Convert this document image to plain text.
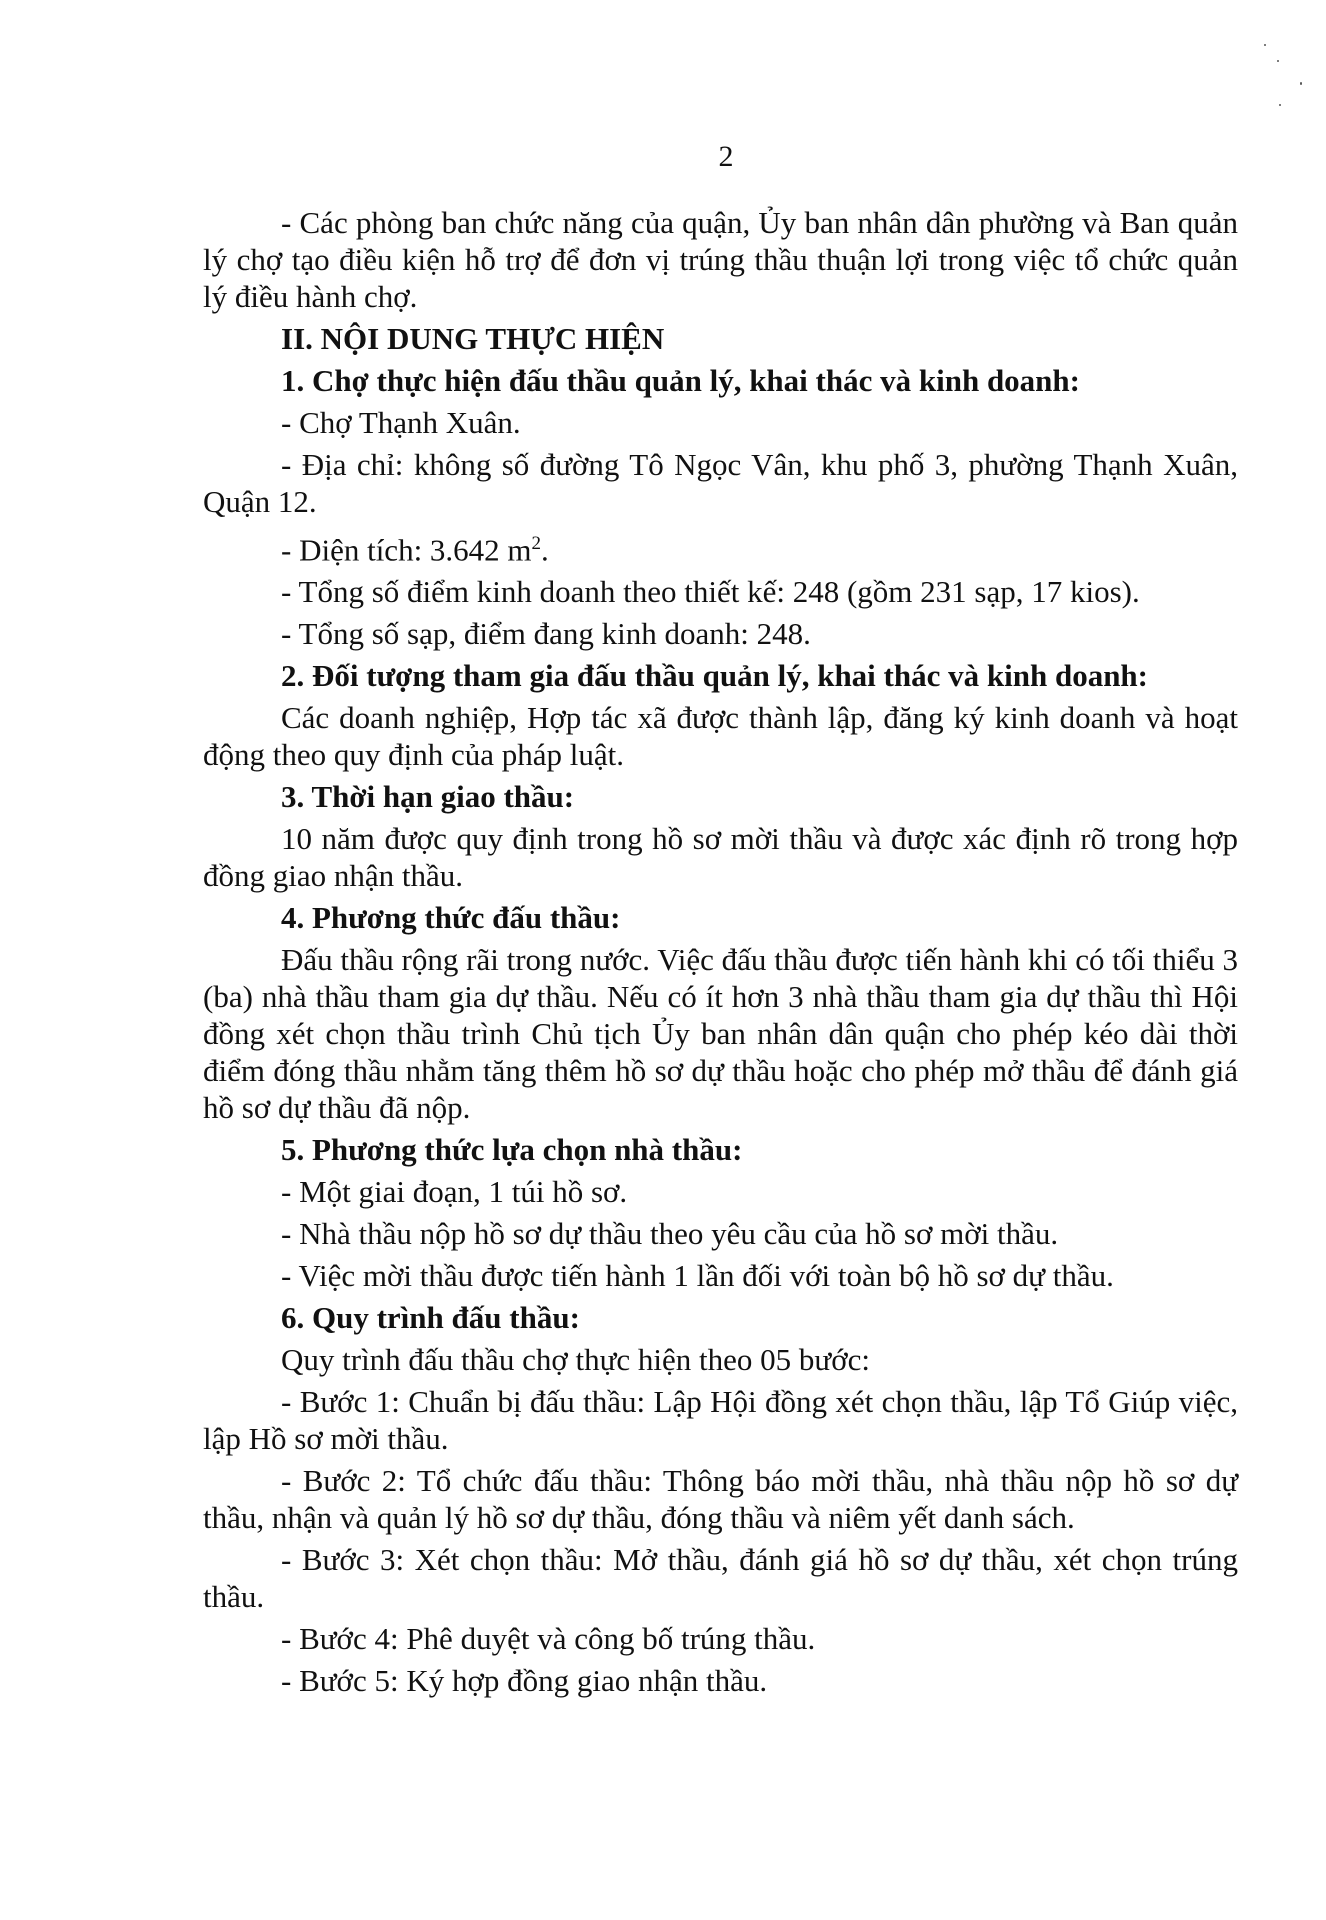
2

- Các phòng ban chức năng của quận, Ủy ban nhân dân phường và Ban quản lý chợ tạo điều kiện hỗ trợ để đơn vị trúng thầu thuận lợi trong việc tổ chức quản lý điều hành chợ.

II. NỘI DUNG THỰC HIỆN

1. Chợ thực hiện đấu thầu quản lý, khai thác và kinh doanh:

- Chợ Thạnh Xuân.

- Địa chỉ: không số đường Tô Ngọc Vân, khu phố 3, phường Thạnh Xuân, Quận 12.

- Diện tích: 3.642 $m^2$.

- Tổng số điểm kinh doanh theo thiết kế: 248 (gồm 231 sạp, 17 kios).

- Tổng số sạp, điểm đang kinh doanh: 248.

2. Đối tượng tham gia đấu thầu quản lý, khai thác và kinh doanh:

Các doanh nghiệp, Hợp tác xã được thành lập, đăng ký kinh doanh và hoạt động theo quy định của pháp luật.

3. Thời hạn giao thầu:

10 năm được quy định trong hồ sơ mời thầu và được xác định rõ trong hợp đồng giao nhận thầu.

4. Phương thức đấu thầu:

Đấu thầu rộng rãi trong nước. Việc đấu thầu được tiến hành khi có tối thiểu 3 (ba) nhà thầu tham gia dự thầu. Nếu có ít hơn 3 nhà thầu tham gia dự thầu thì Hội đồng xét chọn thầu trình Chủ tịch Ủy ban nhân dân quận cho phép kéo dài thời điểm đóng thầu nhằm tăng thêm hồ sơ dự thầu hoặc cho phép mở thầu để đánh giá hồ sơ dự thầu đã nộp.

5. Phương thức lựa chọn nhà thầu:

- Một giai đoạn, 1 túi hồ sơ.

- Nhà thầu nộp hồ sơ dự thầu theo yêu cầu của hồ sơ mời thầu.

- Việc mời thầu được tiến hành 1 lần đối với toàn bộ hồ sơ dự thầu.

6. Quy trình đấu thầu:

Quy trình đấu thầu chợ thực hiện theo 05 bước:

- Bước 1: Chuẩn bị đấu thầu: Lập Hội đồng xét chọn thầu, lập Tổ Giúp việc, lập Hồ sơ mời thầu.

- Bước 2: Tổ chức đấu thầu: Thông báo mời thầu, nhà thầu nộp hồ sơ dự thầu, nhận và quản lý hồ sơ dự thầu, đóng thầu và niêm yết danh sách.

- Bước 3: Xét chọn thầu: Mở thầu, đánh giá hồ sơ dự thầu, xét chọn trúng thầu.

- Bước 4: Phê duyệt và công bố trúng thầu.

- Bước 5: Ký hợp đồng giao nhận thầu.
